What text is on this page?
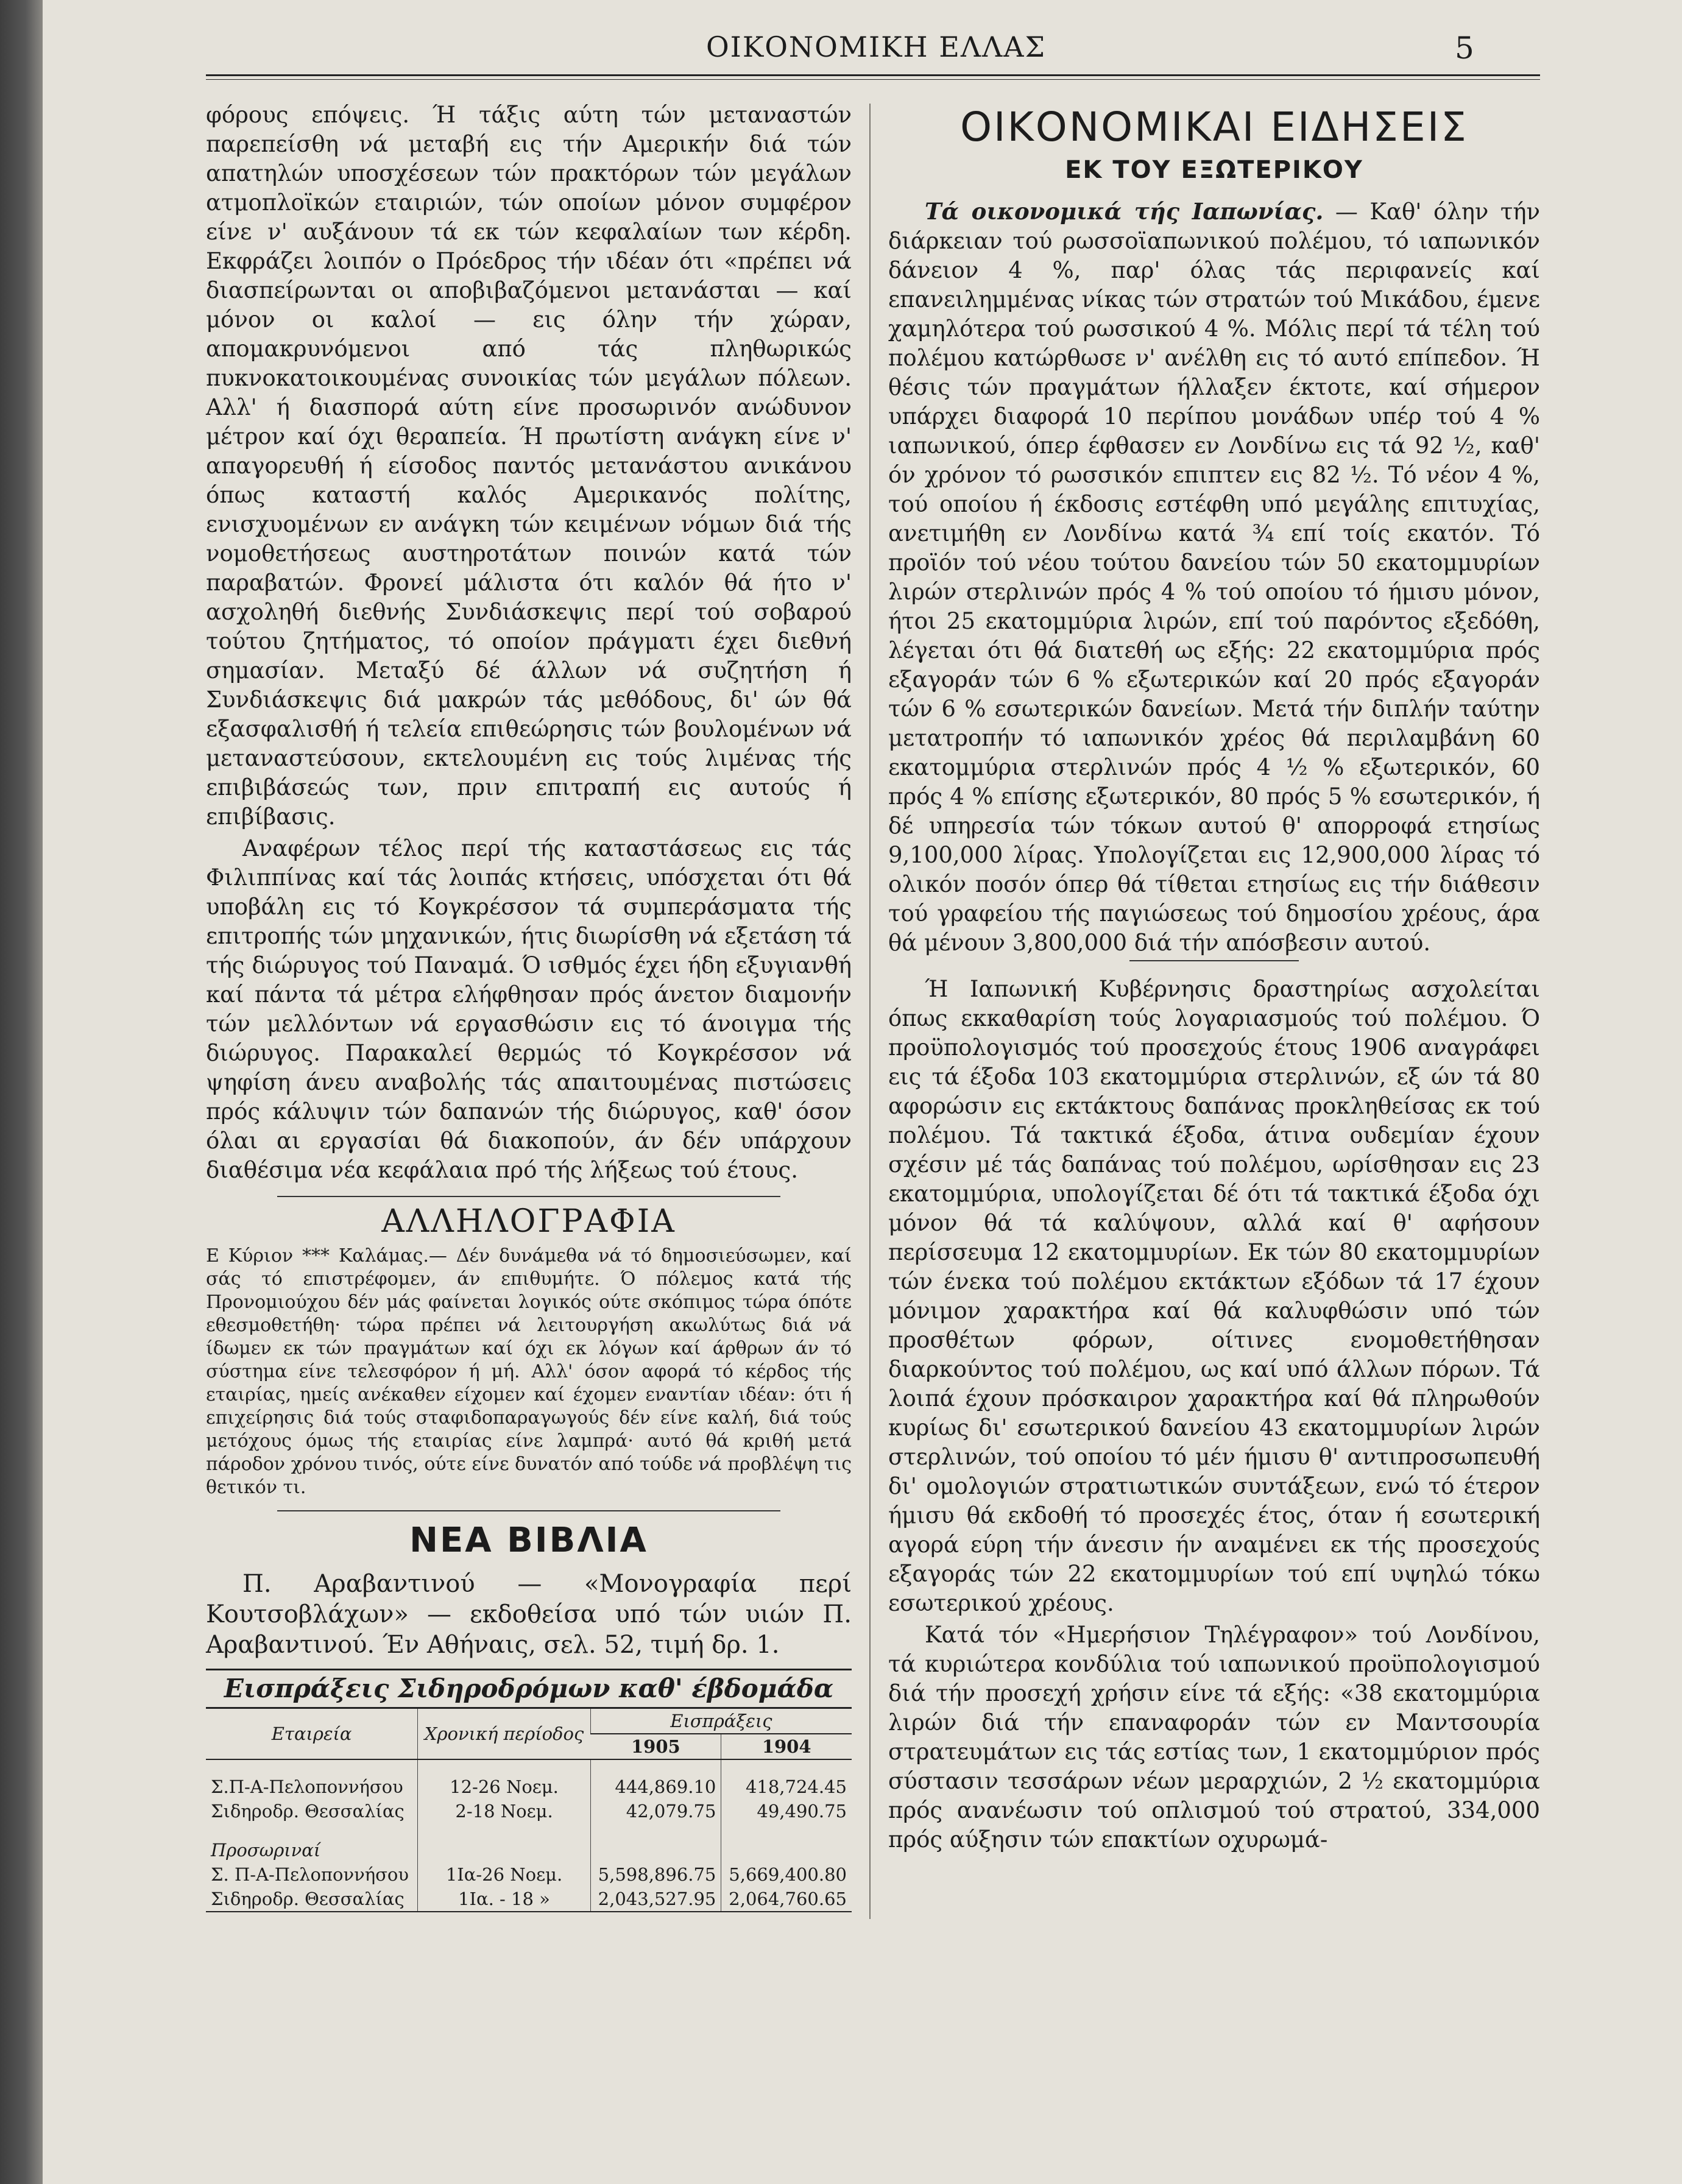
ΟΙΚΟΝΟΜΙΚΗ ΕΛΛΑΣ	5

φόρους επόψεις. Ή τάξις αύτη τών μεταναστών παρεπείσθη νά μεταβή εις τήν Αμερικήν διά τών απατηλών υποσχέσεων τών πρακτόρων τών μεγάλων ατμοπλοϊκών εταιριών, τών οποίων μόνον συμφέρον είνε ν' αυξάνουν τά εκ τών κεφαλαίων των κέρδη. Εκφράζει λοιπόν ο Πρόεδρος τήν ιδέαν ότι «πρέπει νά διασπείρωνται οι αποβιβαζόμενοι μετανάσται — καί μόνον οι καλοί — εις όλην τήν χώραν, απομακρυνόμενοι από τάς πληθωρικώς πυκνοκατοικουμένας συνοικίας τών μεγάλων πόλεων. Αλλ' ή διασπορά αύτη είνε προσωρινόν ανώδυνον μέτρον καί όχι θεραπεία. Ή πρωτίστη ανάγκη είνε ν' απαγορευθή ή είσοδος παντός μετανάστου ανικάνου όπως καταστή καλός Αμερικανός πολίτης, ενισχυομένων εν ανάγκη τών κειμένων νόμων διά τής νομοθετήσεως αυστηροτάτων ποινών κατά τών παραβατών. Φρονεί μάλιστα ότι καλόν θά ήτο ν' ασχοληθή διεθνής Συνδιάσκεψις περί τού σοβαρού τούτου ζητήματος, τό οποίον πράγματι έχει διεθνή σημασίαν. Μεταξύ δέ άλλων νά συζητήση ή Συνδιάσκεψις διά μακρών τάς μεθόδους, δι' ών θά εξασφαλισθή ή τελεία επιθεώρησις τών βουλομένων νά μεταναστεύσουν, εκτελουμένη εις τούς λιμένας τής επιβιβάσεώς των, πριν επιτραπή εις αυτούς ή επιβίβασις.

Αναφέρων τέλος περί τής καταστάσεως εις τάς Φιλιππίνας καί τάς λοιπάς κτήσεις, υπόσχεται ότι θά υποβάλη εις τό Κογκρέσσον τά συμπεράσματα τής επιτροπής τών μηχανικών, ήτις διωρίσθη νά εξετάση τά τής διώρυγος τού Παναμά. Ό ισθμός έχει ήδη εξυγιανθή καί πάντα τά μέτρα ελήφθησαν πρός άνετον διαμονήν τών μελλόντων νά εργασθώσιν εις τό άνοιγμα τής διώρυγος. Παρακαλεί θερμώς τό Κογκρέσσον νά ψηφίση άνευ αναβολής τάς απαιτουμένας πιστώσεις πρός κάλυψιν τών δαπανών τής διώρυγος, καθ' όσον όλαι αι εργασίαι θά διακοπούν, άν δέν υπάρχουν διαθέσιμα νέα κεφάλαια πρό τής λήξεως τού έτους.

ΑΛΛΗΛΟΓΡΑΦΙΑ

Ε Κύριον *** Καλάμας.— Δέν δυνάμεθα νά τό δημοσιεύσωμεν, καί σάς τό επιστρέφομεν, άν επιθυμήτε. Ό πόλεμος κατά τής Προνομιούχου δέν μάς φαίνεται λογικός ούτε σκόπιμος τώρα όπότε εθεσμοθετήθη· τώρα πρέπει νά λειτουργήση ακωλύτως διά νά ίδωμεν εκ τών πραγμάτων καί όχι εκ λόγων καί άρθρων άν τό σύστημα είνε τελεσφόρον ή μή. Αλλ' όσον αφορά τό κέρδος τής εταιρίας, ημείς ανέκαθεν είχομεν καί έχομεν εναντίαν ιδέαν: ότι ή επιχείρησις διά τούς σταφιδοπαραγωγούς δέν είνε καλή, διά τούς μετόχους όμως τής εταιρίας είνε λαμπρά· αυτό θά κριθή μετά πάροδον χρόνου τινός, ούτε είνε δυνατόν από τούδε νά προβλέψη τις θετικόν τι.

ΝΕΑ ΒΙΒΛΙΑ

Π. Αραβαντινού — «Μονογραφία περί Κουτσοβλάχων» — εκδοθείσα υπό τών υιών Π. Αραβαντινού. Έν Αθήναις, σελ. 52, τιμή δρ. 1.

Εισπράξεις Σιδηροδρόμων καθ' έβδομάδα
Εταιρεία	Χρονική περίοδος	Εισπράξεις	
		1905	1904

Σ.Π-Α-Πελοποννήσου	12-26 Νοεμ.	444,869.10	418,724.45
Σιδηροδρ. Θεσσαλίας	2-18 Νοεμ.	42,079.75	49,490.75

Προσωριναί			
Σ. Π-Α-Πελοποννήσου	1Ια-26 Νοεμ.	5,598,896.75	5,669,400.80
Σιδηροδρ. Θεσσαλίας	1Ια. - 18 »	2,043,527.95	2,064,760.65
ΟΙΚΟΝΟΜΙΚΑΙ ΕΙΔΗΣΕΙΣ
ΕΚ ΤΟΥ ΕΞΩΤΕΡΙΚΟΥ

Τά οικονομικά τής Ιαπωνίας. — Καθ' όλην τήν διάρκειαν τού ρωσσοϊαπωνικού πολέμου, τό ιαπωνικόν δάνειον 4 %, παρ' όλας τάς περιφανείς καί επανειλημμένας νίκας τών στρατών τού Μικάδου, έμενε χαμηλότερα τού ρωσσικού 4 %. Μόλις περί τά τέλη τού πολέμου κατώρθωσε ν' ανέλθη εις τό αυτό επίπεδον. Ή θέσις τών πραγμάτων ήλλαξεν έκτοτε, καί σήμερον υπάρχει διαφορά 10 περίπου μονάδων υπέρ τού 4 % ιαπωνικού, όπερ έφθασεν εν Λονδίνω εις τά 92 ½, καθ' όν χρόνον τό ρωσσικόν επιπτεν εις 82 ½. Τό νέον 4 %, τού οποίου ή έκδοσις εστέφθη υπό μεγάλης επιτυχίας, ανετιμήθη εν Λονδίνω κατά ¾ επί τοίς εκατόν. Τό προϊόν τού νέου τούτου δανείου τών 50 εκατομμυρίων λιρών στερλινών πρός 4 % τού οποίου τό ήμισυ μόνον, ήτοι 25 εκατομμύρια λιρών, επί τού παρόντος εξεδόθη, λέγεται ότι θά διατεθή ως εξής: 22 εκατομμύρια πρός εξαγοράν τών 6 % εξωτερικών καί 20 πρός εξαγοράν τών 6 % εσωτερικών δανείων. Μετά τήν διπλήν ταύτην μετατροπήν τό ιαπωνικόν χρέος θά περιλαμβάνη 60 εκατομμύρια στερλινών πρός 4 ½ % εξωτερικόν, 60 πρός 4 % επίσης εξωτερικόν, 80 πρός 5 % εσωτερικόν, ή δέ υπηρεσία τών τόκων αυτού θ' απορροφά ετησίως 9,100,000 λίρας. Υπολογίζεται εις 12,900,000 λίρας τό ολικόν ποσόν όπερ θά τίθεται ετησίως εις τήν διάθεσιν τού γραφείου τής παγιώσεως τού δημοσίου χρέους, άρα θά μένουν 3,800,000 διά τήν απόσβεσιν αυτού.

Ή Ιαπωνική Κυβέρνησις δραστηρίως ασχολείται όπως εκκαθαρίση τούς λογαριασμούς τού πολέμου. Ό προϋπολογισμός τού προσεχούς έτους 1906 αναγράφει εις τά έξοδα 103 εκατομμύρια στερλινών, εξ ών τά 80 αφορώσιν εις εκτάκτους δαπάνας προκληθείσας εκ τού πολέμου. Τά τακτικά έξοδα, άτινα ουδεμίαν έχουν σχέσιν μέ τάς δαπάνας τού πολέμου, ωρίσθησαν εις 23 εκατομμύρια, υπολογίζεται δέ ότι τά τακτικά έξοδα όχι μόνον θά τά καλύψουν, αλλά καί θ' αφήσουν περίσσευμα 12 εκατομμυρίων. Εκ τών 80 εκατομμυρίων τών ένεκα τού πολέμου εκτάκτων εξόδων τά 17 έχουν μόνιμον χαρακτήρα καί θά καλυφθώσιν υπό τών προσθέτων φόρων, οίτινες ενομοθετήθησαν διαρκούντος τού πολέμου, ως καί υπό άλλων πόρων. Τά λοιπά έχουν πρόσκαιρον χαρακτήρα καί θά πληρωθούν κυρίως δι' εσωτερικού δανείου 43 εκατομμυρίων λιρών στερλινών, τού οποίου τό μέν ήμισυ θ' αντιπροσωπευθή δι' ομολογιών στρατιωτικών συντάξεων, ενώ τό έτερον ήμισυ θά εκδοθή τό προσεχές έτος, όταν ή εσωτερική αγορά εύρη τήν άνεσιν ήν αναμένει εκ τής προσεχούς εξαγοράς τών 22 εκατομμυρίων τού επί υψηλώ τόκω εσωτερικού χρέους.

Κατά τόν «Ημερήσιον Τηλέγραφον» τού Λονδίνου, τά κυριώτερα κονδύλια τού ιαπωνικού προϋπολογισμού διά τήν προσεχή χρήσιν είνε τά εξής: «38 εκατομμύρια λιρών διά τήν επαναφοράν τών εν Μαντσουρία στρατευμάτων εις τάς εστίας των, 1 εκατομμύριον πρός σύστασιν τεσσάρων νέων μεραρχιών, 2 ½ εκατομμύρια πρός ανανέωσιν τού οπλισμού τού στρατού, 334,000 πρός αύξησιν τών επακτίων οχυρωμά-
